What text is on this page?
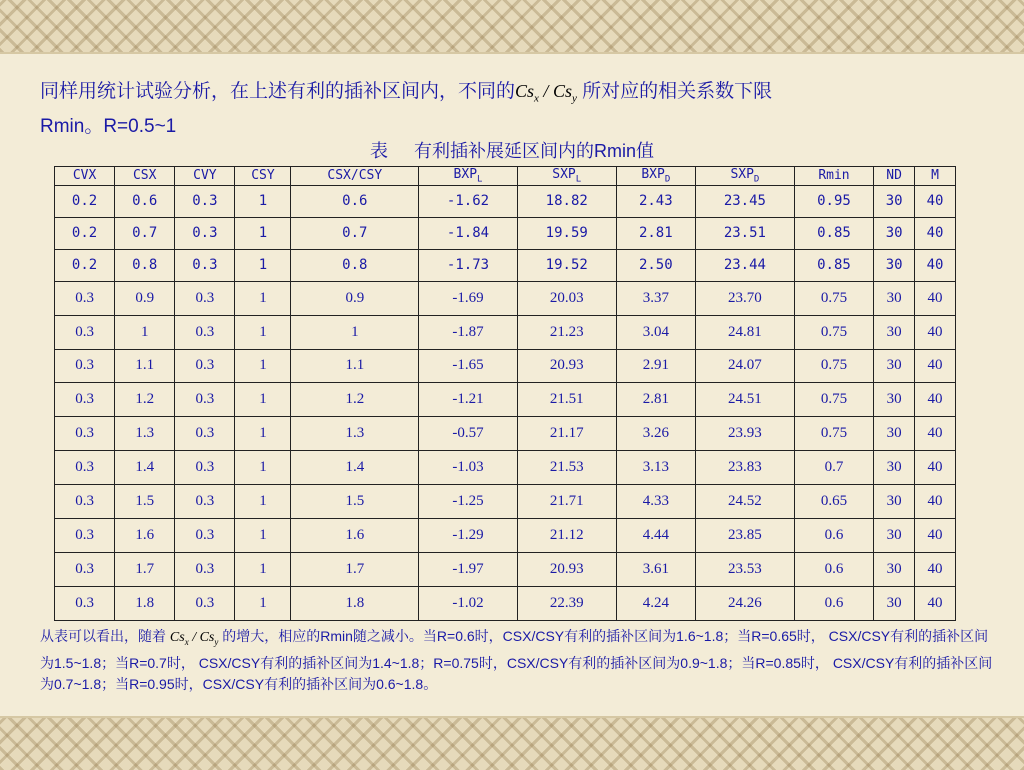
同样用统计试验分析，在上述有利的插补区间内，不同的$Cs_x / Cs_y$ 所对应的相关系数下限
Rmin。R=0.5~1
表 有利插补展延区间内的Rmin值
CVX	CSX	CVY	CSY	CSX/CSY	$BXP_L$	$SXP_L$	$BXP_D$	$SXP_D$	Rmin	ND	M
0.2	0.6	0.3	1	0.6	-1.62	18.82	2.43	23.45	0.95	30	40
0.2	0.7	0.3	1	0.7	-1.84	19.59	2.81	23.51	0.85	30	40
0.2	0.8	0.3	1	0.8	-1.73	19.52	2.50	23.44	0.85	30	40
0.3	0.9	0.3	1	0.9	-1.69	20.03	3.37	23.70	0.75	30	40
0.3	1	0.3	1	1	-1.87	21.23	3.04	24.81	0.75	30	40
0.3	1.1	0.3	1	1.1	-1.65	20.93	2.91	24.07	0.75	30	40
0.3	1.2	0.3	1	1.2	-1.21	21.51	2.81	24.51	0.75	30	40
0.3	1.3	0.3	1	1.3	-0.57	21.17	3.26	23.93	0.75	30	40
0.3	1.4	0.3	1	1.4	-1.03	21.53	3.13	23.83	0.7	30	40
0.3	1.5	0.3	1	1.5	-1.25	21.71	4.33	24.52	0.65	30	40
0.3	1.6	0.3	1	1.6	-1.29	21.12	4.44	23.85	0.6	30	40
0.3	1.7	0.3	1	1.7	-1.97	20.93	3.61	23.53	0.6	30	40
0.3	1.8	0.3	1	1.8	-1.02	22.39	4.24	24.26	0.6	30	40
从表可以看出，随着 $Cs_x / Cs_y$ 的增大，相应的Rmin随之减小。当R=0.6时，CSX/CSY有利的插补区间为1.6~1.8；当R=0.65时， CSX/CSY有利的插补区间为1.5~1.8；当R=0.7时， CSX/CSY有利的插补区间为1.4~1.8；R=0.75时，CSX/CSY有利的插补区间为0.9~1.8；当R=0.85时， CSX/CSY有利的插补区间为0.7~1.8；当R=0.95时，CSX/CSY有利的插补区间为0.6~1.8。
